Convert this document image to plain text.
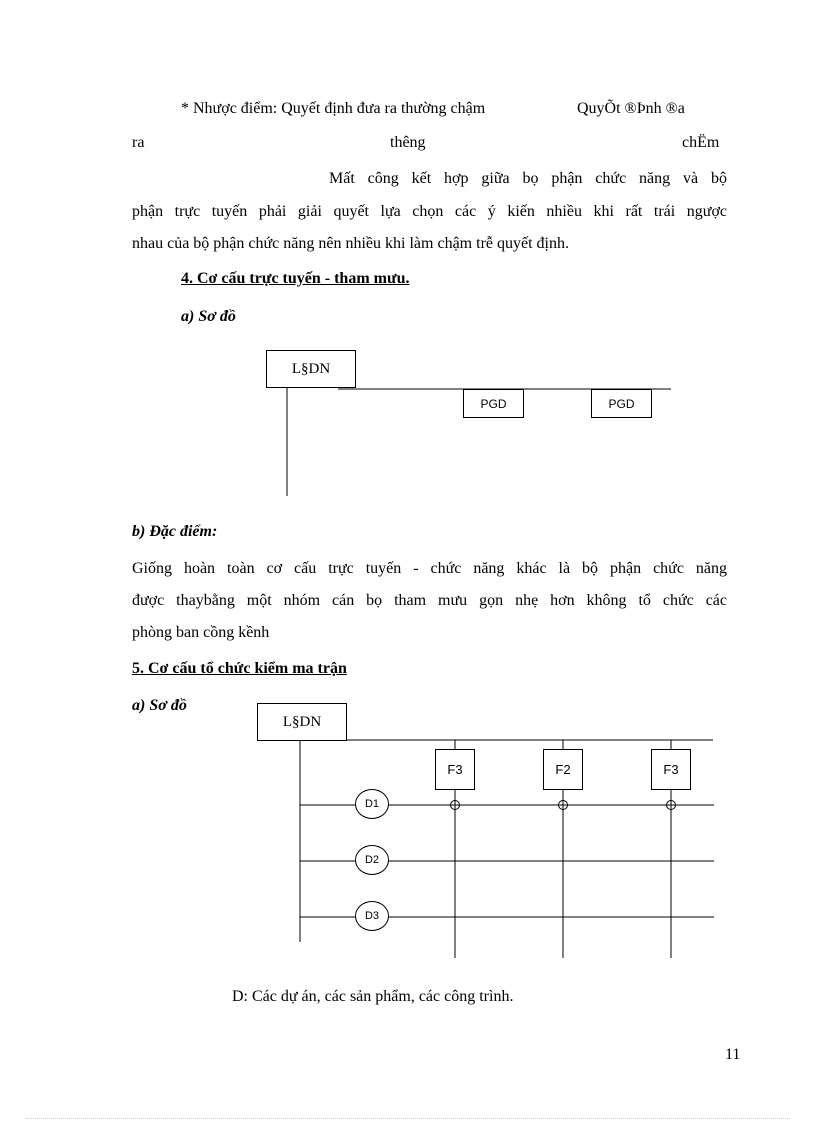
* Nhược điểm: Quyết định đưa ra thường chậm	QuyÕt ®Þnh ®a
ra	thêng	chËm
Mất công kết hợp giữa bọ phận chức năng và bộ
phận trực tuyến phải giải quyết lựa chọn các ý kiến nhiều khi rất trái ngược
nhau của bộ phận chức năng nên nhiều khi làm chậm trễ quyết định.
4. Cơ cấu trực tuyến - tham mưu.
a) Sơ đồ
L§DN
PGD	PGD
b) Đặc điểm:
Giống hoàn toàn cơ cấu trực tuyến - chức năng khác là bộ phận chức năng
được thaybằng một nhóm cán bọ tham mưu gọn nhẹ hơn không tổ chức các
phòng ban cồng kềnh
5. Cơ cấu tổ chức kiểm ma trận
a) Sơ đồ
L§DN
F3	F2	F3
D1
D2
D3
D: Các dự án, các sản phẩm, các công trình.
11
